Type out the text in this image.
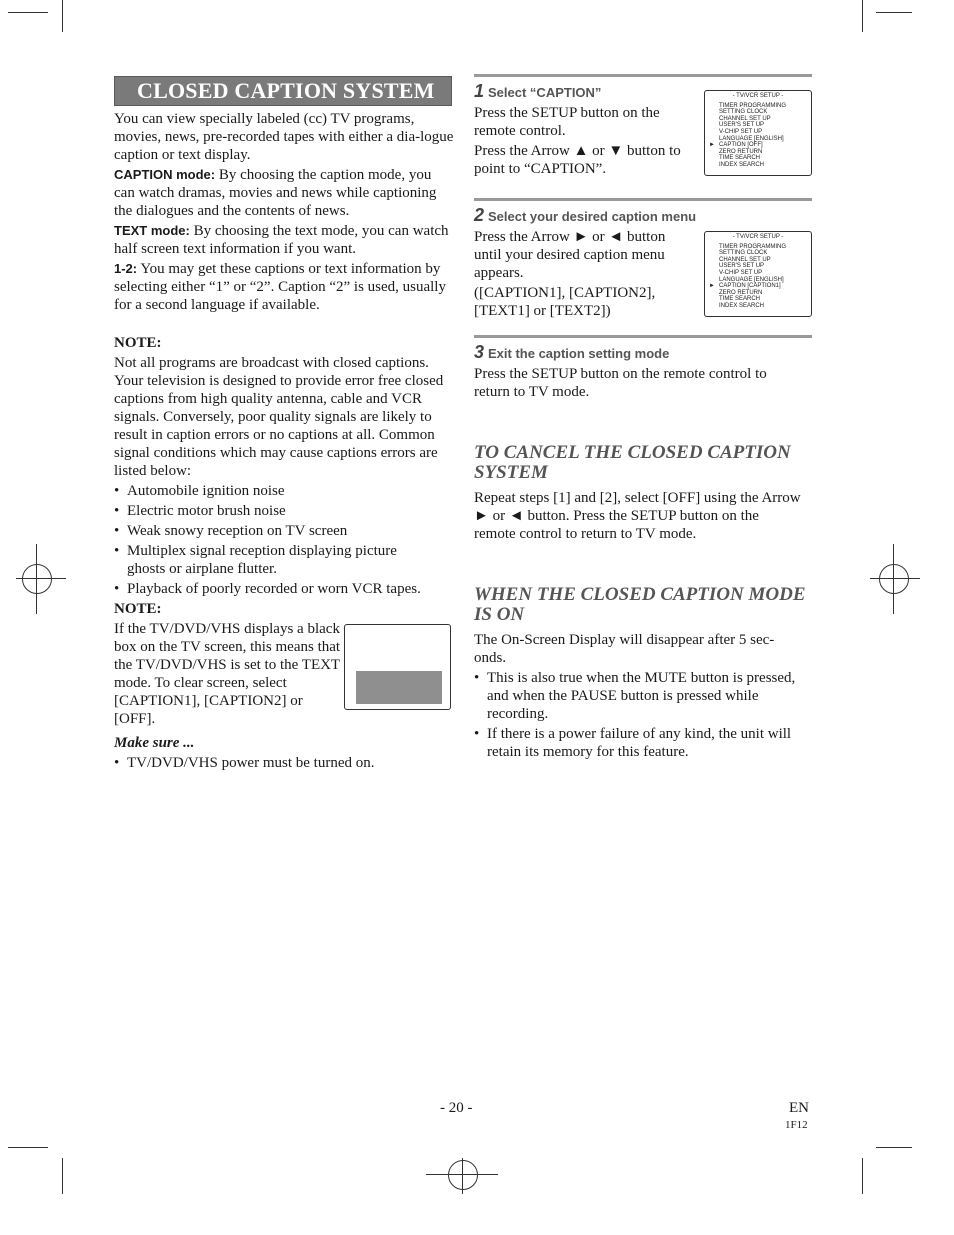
CLOSED CAPTION SYSTEM

You can view specially labeled (cc) TV programs, movies, news, pre-recorded tapes with either a dia-logue caption or text display.

CAPTION mode: By choosing the caption mode, you can watch dramas, movies and news while captioning the dialogues and the contents of news.

TEXT mode: By choosing the text mode, you can watch half screen text information if you want.

1-2: You may get these captions or text information by selecting either “1” or “2”. Caption “2” is used, usually for a second language if available.

NOTE:

Not all programs are broadcast with closed captions. Your television is designed to provide error free closed captions from high quality antenna, cable and VCR signals. Conversely, poor quality signals are likely to result in caption errors or no captions at all. Common signal conditions which may cause captions errors are listed below:

• Automobile ignition noise
• Electric motor brush noise
• Weak snowy reception on TV screen
• Multiplex signal reception displaying picture ghosts or airplane flutter.
• Playback of poorly recorded or worn VCR tapes.

NOTE:

If the TV/DVD/VHS displays a black box on the TV screen, this means that the TV/DVD/VHS is set to the TEXT mode. To clear screen, select [CAPTION1], [CAPTION2] or [OFF].

Make sure ...

• TV/DVD/VHS power must be turned on.
1 Select “CAPTION”

Press the SETUP button on the remote control.

Press the Arrow ▲ or ▼ button to point to “CAPTION”.

- TV/VCR SETUP -
TIMER PROGRAMMING
SETTING CLOCK
CHANNEL SET UP
USER'S SET UP
V-CHIP SET UP
LANGUAGE [ENGLISH]
► CAPTION [OFF]
ZERO RETURN
TIME SEARCH
INDEX SEARCH
2 Select your desired caption menu

Press the Arrow ► or ◄ button until your desired caption menu appears.

([CAPTION1], [CAPTION2], [TEXT1] or [TEXT2])

- TV/VCR SETUP -
TIMER PROGRAMMING
SETTING CLOCK
CHANNEL SET UP
USER'S SET UP
V-CHIP SET UP
LANGUAGE [ENGLISH]
► CAPTION [CAPTION1]
ZERO RETURN
TIME SEARCH
INDEX SEARCH
3 Exit the caption setting mode

Press the SETUP button on the remote control to return to TV mode.

TO CANCEL THE CLOSED CAPTION SYSTEM
Repeat steps [1] and [2], select [OFF] using the Arrow ► or ◄ button. Press the SETUP button on the remote control to return to TV mode.
WHEN THE CLOSED CAPTION MODE IS ON

The On-Screen Display will disappear after 5 sec-onds.

• This is also true when the MUTE button is pressed, and when the PAUSE button is pressed while recording.
• If there is a power failure of any kind, the unit will retain its memory for this feature.
- 20 -	EN
1F12
